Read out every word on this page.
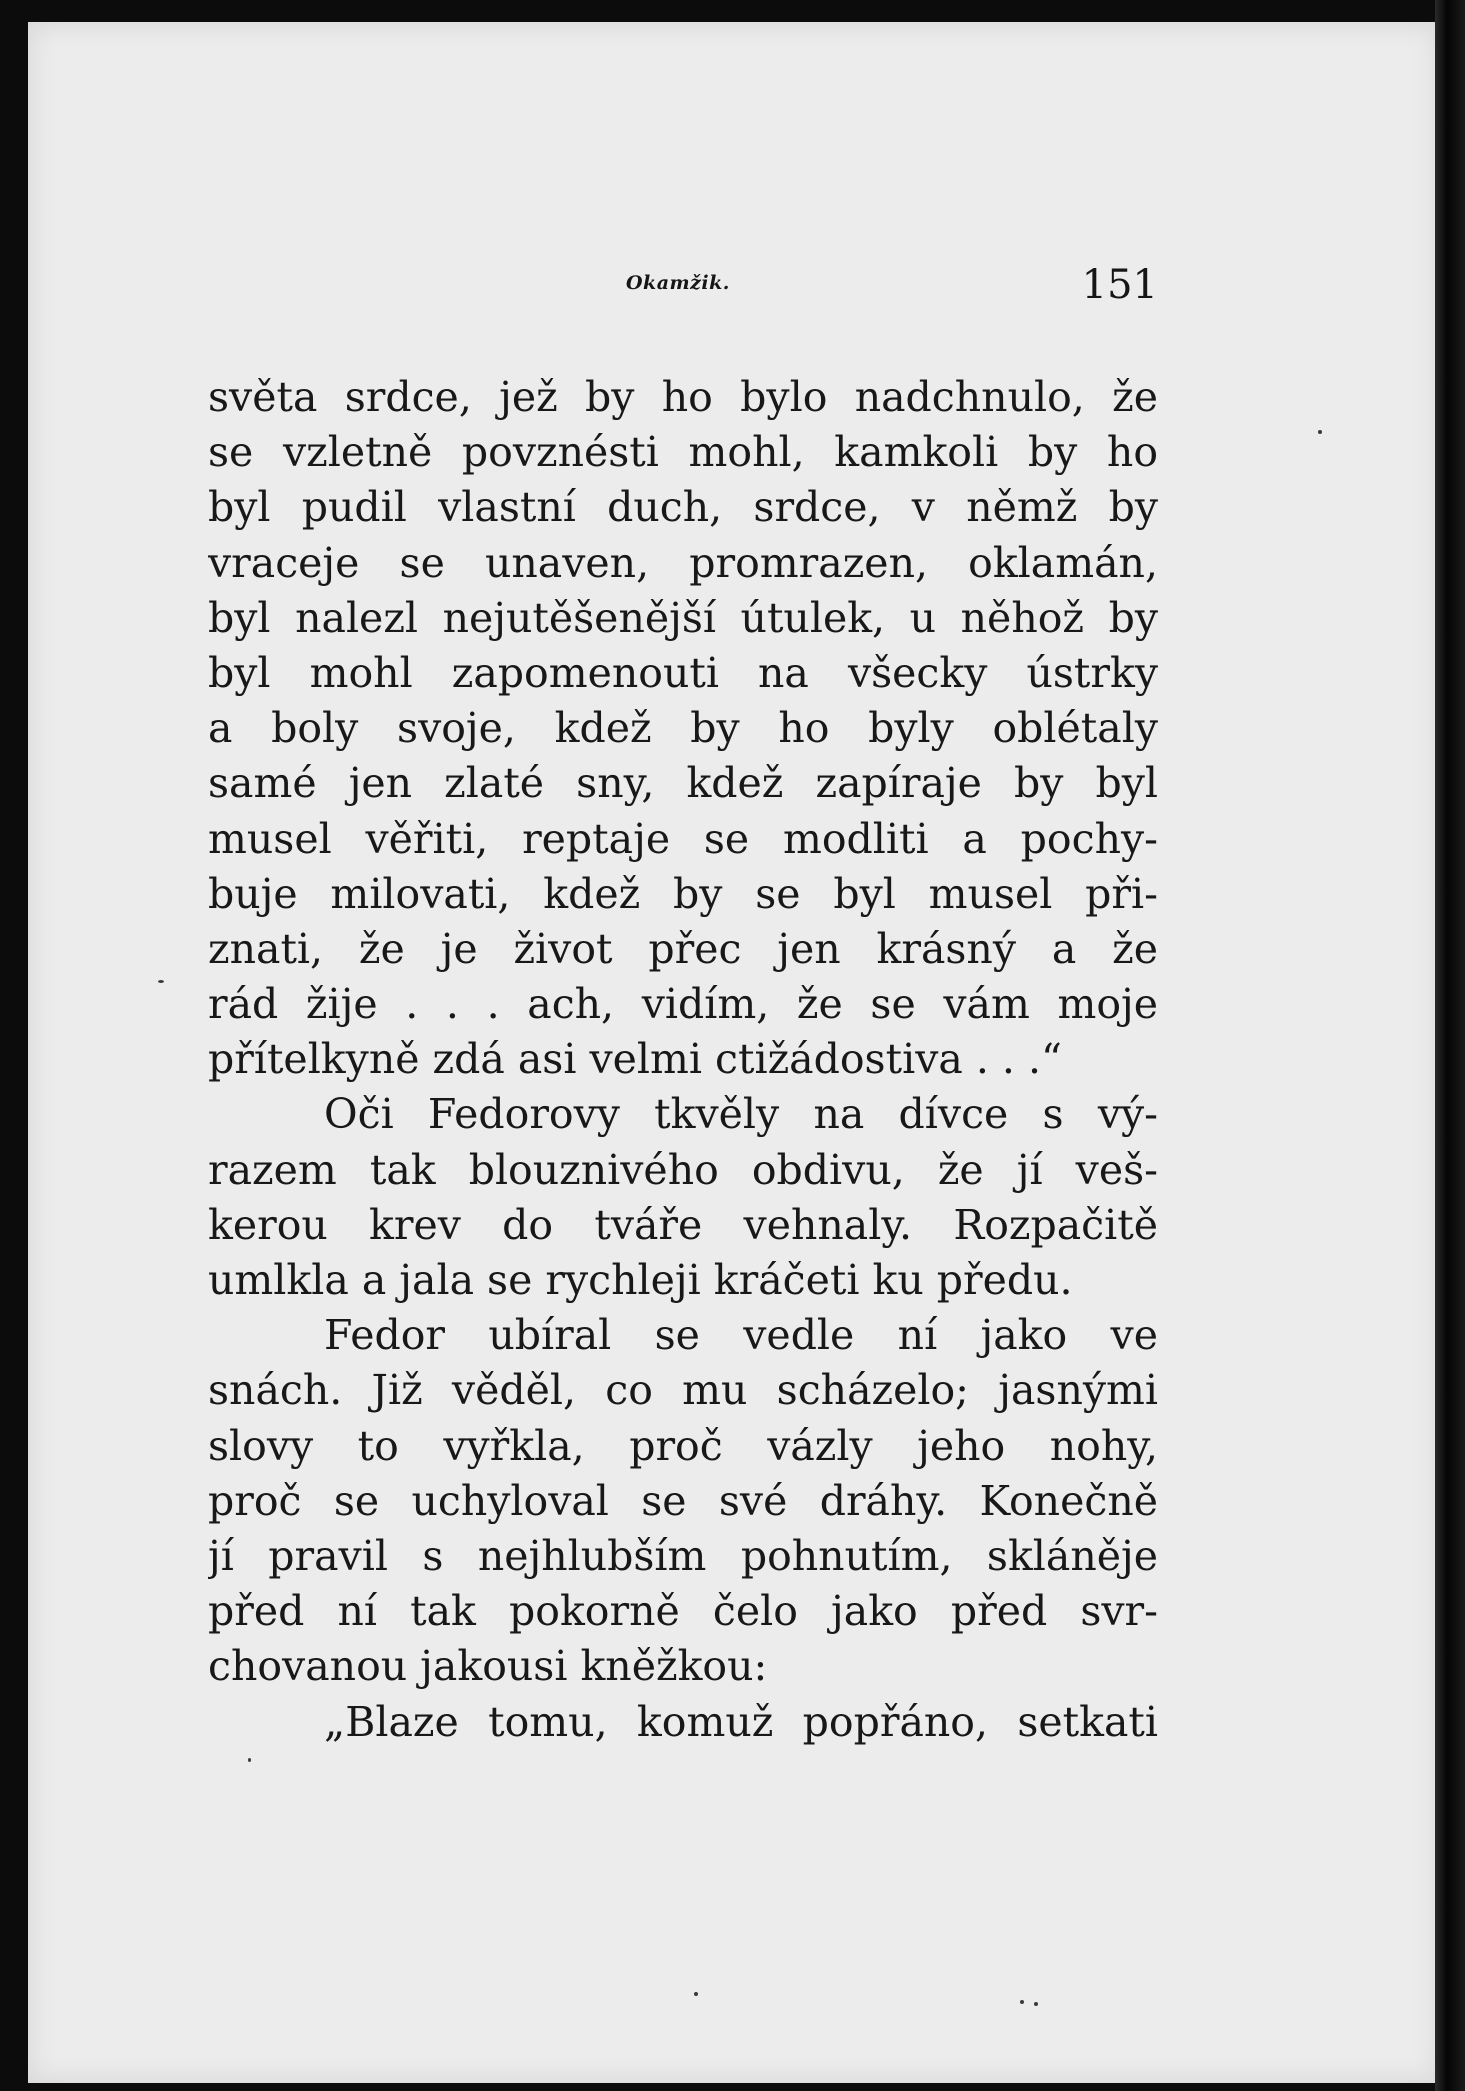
Okamžik.	151
světa srdce, jež by ho bylo nadchnulo, že
se vzletně povznésti mohl, kamkoli by ho
byl pudil vlastní duch, srdce, v němž by
vraceje se unaven, promrazen, oklamán,
byl nalezl nejutěšenější útulek, u něhož by
byl mohl zapomenouti na všecky ústrky
a boly svoje, kdež by ho byly oblétaly
samé jen zlaté sny, kdež zapíraje by byl
musel věřiti, reptaje se modliti a pochy-
buje milovati, kdež by se byl musel při-
znati, že je život přec jen krásný a že
rád žije . . . ach, vidím, že se vám moje
přítelkyně zdá asi velmi ctižádostiva . . .“
Oči Fedorovy tkvěly na dívce s vý-
razem tak blouznivého obdivu, že jí veš-
kerou krev do tváře vehnaly. Rozpačitě
umlkla a jala se rychleji kráčeti ku předu.
Fedor ubíral se vedle ní jako ve
snách. Již věděl, co mu scházelo; jasnými
slovy to vyřkla, proč vázly jeho nohy,
proč se uchyloval se své dráhy. Konečně
jí pravil s nejhlubším pohnutím, skláněje
před ní tak pokorně čelo jako před svr-
chovanou jakousi kněžkou:
„Blaze tomu, komuž popřáno, setkati
